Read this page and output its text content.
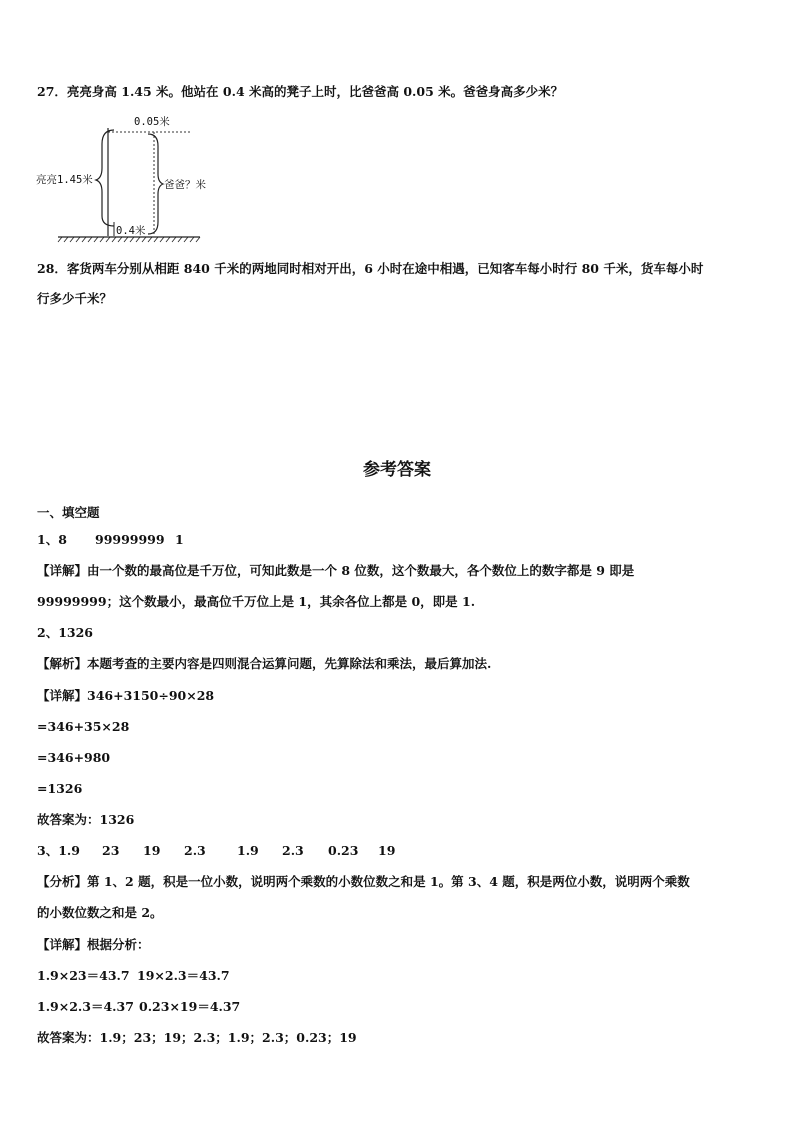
27．亮亮身高 1.45 米。他站在 0.4 米高的凳子上时，比爸爸高 0.05 米。爸爸身高多少米？
0.05米
亮亮1.45米	爸爸？米
0.4米
28．客货两车分别从相距 840 千米的两地同时相对开出，6 小时在途中相遇，已知客车每小时行 80 千米，货车每小时
行多少千米？
参考答案
一、填空题
1、8 99999999 1
【详解】由一个数的最高位是千万位，可知此数是一个 8 位数，这个数最大，各个数位上的数字都是 9 即是
99999999；这个数最小，最高位千万位上是 1，其余各位上都是 0，即是 1.
2、1326
【解析】本题考查的主要内容是四则混合运算问题，先算除法和乘法，最后算加法.
【详解】346+3150÷90×28
=346+35×28
=346+980
=1326
故答案为：1326
3、1.9 23 19 2.3	1.9 2.3 0.23 19
【分析】第 1、2 题，积是一位小数，说明两个乘数的小数位数之和是 1。第 3、4 题，积是两位小数，说明两个乘数
的小数位数之和是 2。
【详解】根据分析：
1.9×23＝43.7 19×2.3＝43.7
1.9×2.3＝4.37 0.23×19＝4.37
故答案为：1.9；23；19；2.3；1.9；2.3；0.23；19
